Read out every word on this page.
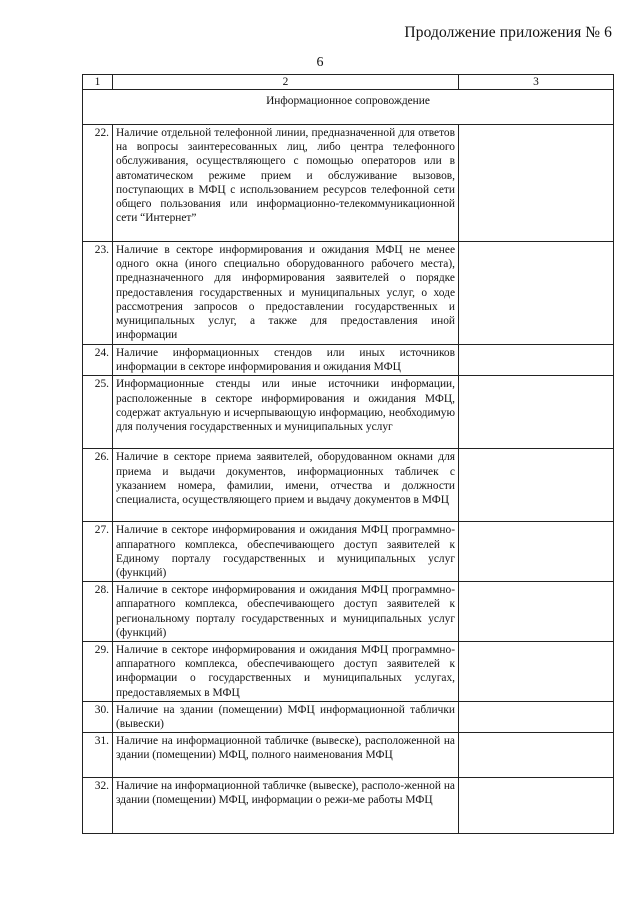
Продолжение приложения № 6
6
1	2	3
Информационное сопровождение		
22.	Наличие отдельной телефонной линии, предназначенной для ответов на вопросы заинтересованных лиц, либо центра телефонного обслуживания, осуществляющего с помощью операторов или в автоматическом режиме прием и обслуживание вызовов, поступающих в МФЦ с использованием ресурсов телефонной сети общего пользования или информационно-телекоммуникационной сети “Интернет”	
23.	Наличие в секторе информирования и ожидания МФЦ не менее одного окна (иного специально оборудованного рабочего места), предназначенного для информирования заявителей о порядке предоставления государственных и муниципальных услуг, о ходе рассмотрения запросов о предоставлении государственных и муниципальных услуг, а также для предоставления иной информации	
24.	Наличие информационных стендов или иных источников информации в секторе информирования и ожидания МФЦ	
25.	Информационные стенды или иные источники информации, расположенные в секторе информирования и ожидания МФЦ, содержат актуальную и исчерпывающую информацию, необходимую для получения государственных и муниципальных услуг	
26.	Наличие в секторе приема заявителей, оборудованном окнами для приема и выдачи документов, информационных табличек с указанием номера, фамилии, имени, отчества и должности специалиста, осуществляющего прием и выдачу документов в МФЦ	
27.	Наличие в секторе информирования и ожидания МФЦ программно-аппаратного комплекса, обеспечивающего доступ заявителей к Единому порталу государственных и муниципальных услуг (функций)	
28.	Наличие в секторе информирования и ожидания МФЦ программно-аппаратного комплекса, обеспечивающего доступ заявителей к региональному порталу государственных и муниципальных услуг (функций)	
29.	Наличие в секторе информирования и ожидания МФЦ программно-аппаратного комплекса, обеспечивающего доступ заявителей к информации о государственных и муниципальных услугах, предоставляемых в МФЦ	
30.	Наличие на здании (помещении) МФЦ информационной таблички (вывески)	
31.	Наличие на информационной табличке (вывеске), расположенной на здании (помещении) МФЦ, полного наименования МФЦ	
32.	Наличие на информационной табличке (вывеске), располо-женной на здании (помещении) МФЦ, информации о режи-ме работы МФЦ	
